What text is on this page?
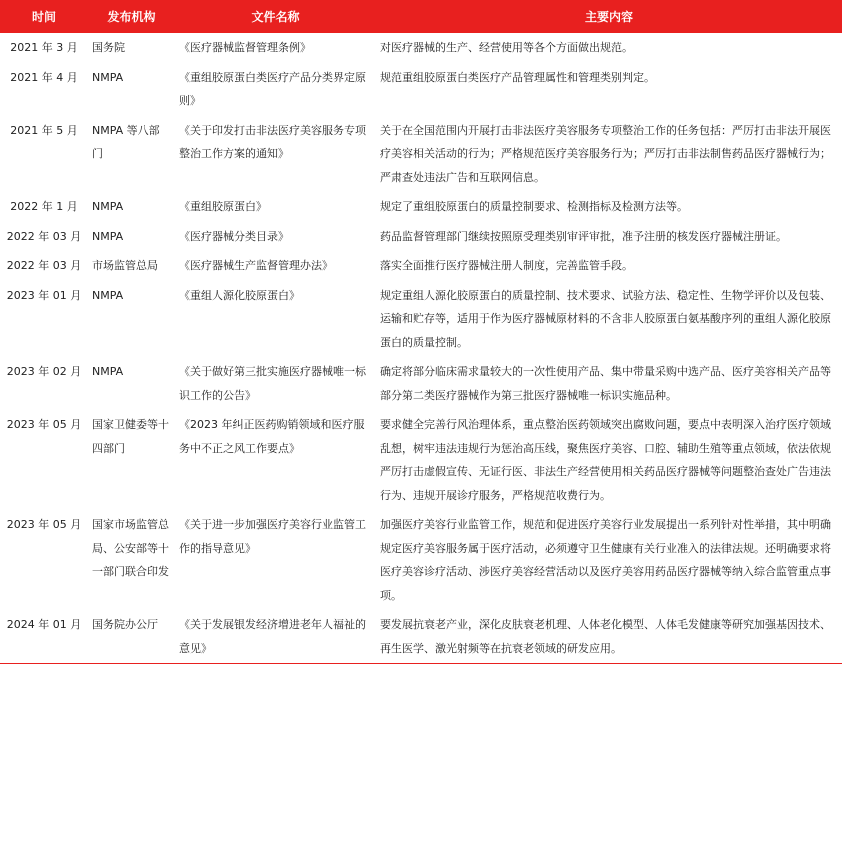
时间	发布机构	文件名称	主要内容
2021 年 3 月	国务院	《医疗器械监督管理条例》	对医疗器械的生产、经营使用等各个方面做出规范。
2021 年 4 月	NMPA	《重组胶原蛋白类医疗产品分类界定原则》	规范重组胶原蛋白类医疗产品管理属性和管理类别判定。
2021 年 5 月	NMPA 等八部门	《关于印发打击非法医疗美容服务专项整治工作方案的通知》	关于在全国范围内开展打击非法医疗美容服务专项整治工作的任务包括：严厉打击非法开展医疗美容相关活动的行为；严格规范医疗美容服务行为；严厉打击非法制售药品医疗器械行为；严肃查处违法广告和互联网信息。
2022 年 1 月	NMPA	《重组胶原蛋白》	规定了重组胶原蛋白的质量控制要求、检测指标及检测方法等。
2022 年 03 月	NMPA	《医疗器械分类目录》	药品监督管理部门继续按照原受理类别审评审批，准予注册的核发医疗器械注册证。
2022 年 03 月	市场监管总局	《医疗器械生产监督管理办法》	落实全面推行医疗器械注册人制度，完善监管手段。
2023 年 01 月	NMPA	《重组人源化胶原蛋白》	规定重组人源化胶原蛋白的质量控制、技术要求、试验方法、稳定性、生物学评价以及包装、运输和贮存等，适用于作为医疗器械原材料的不含非人胶原蛋白氨基酸序列的重组人源化胶原蛋白的质量控制。
2023 年 02 月	NMPA	《关于做好第三批实施医疗器械唯一标识工作的公告》	确定将部分临床需求量较大的一次性使用产品、集中带量采购中选产品、医疗美容相关产品等部分第二类医疗器械作为第三批医疗器械唯一标识实施品种。
2023 年 05 月	国家卫健委等十四部门	《2023 年纠正医药购销领域和医疗服务中不正之风工作要点》	要求健全完善行风治理体系，重点整治医药领域突出腐败问题，要点中表明深入治疗医疗领域乱想，树牢违法违规行为惩治高压线，聚焦医疗美容、口腔、辅助生殖等重点领域，依法依规严厉打击虚假宣传、无证行医、非法生产经营使用相关药品医疗器械等问题整治查处广告违法行为、违规开展诊疗服务，严格规范收费行为。
2023 年 05 月	国家市场监管总局、公安部等十一部门联合印发	《关于进一步加强医疗美容行业监管工作的指导意见》	加强医疗美容行业监管工作，规范和促进医疗美容行业发展提出一系列针对性举措，其中明确规定医疗美容服务属于医疗活动，必须遵守卫生健康有关行业准入的法律法规。还明确要求将医疗美容诊疗活动、涉医疗美容经营活动以及医疗美容用药品医疗器械等纳入综合监管重点事项。
2024 年 01 月	国务院办公厅	《关于发展银发经济增进老年人福祉的意见》	要发展抗衰老产业，深化皮肤衰老机理、人体老化模型、人体毛发健康等研究加强基因技术、再生医学、激光射频等在抗衰老领域的研发应用。
